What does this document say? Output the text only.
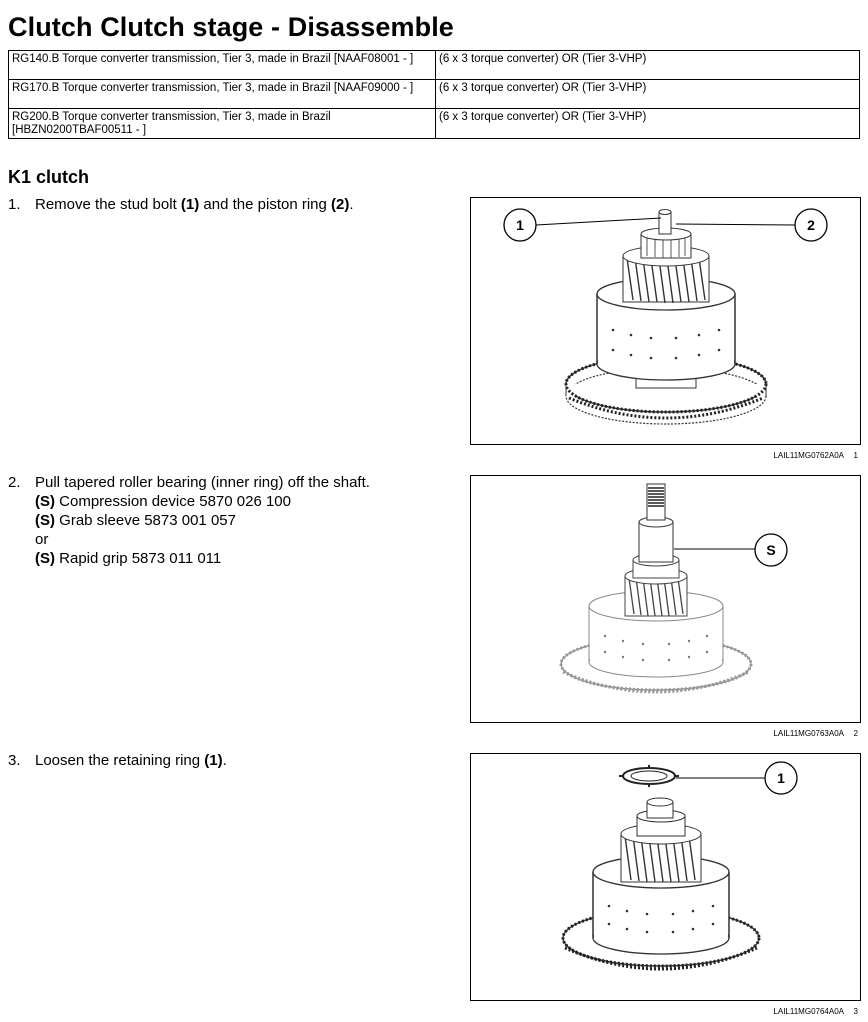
Clutch Clutch stage - Disassemble
RG140.B Torque converter transmission, Tier 3, made in Brazil [NAAF08001 - ]	(6 x 3 torque converter) OR (Tier 3-VHP)
RG170.B Torque converter transmission, Tier 3, made in Brazil [NAAF09000 - ]	(6 x 3 torque converter) OR (Tier 3-VHP)
RG200.B Torque converter transmission, Tier 3, made in Brazil [HBZN0200TBAF00511 - ]	(6 x 3 torque converter) OR (Tier 3-VHP)
K1 clutch
1. Remove the stud bolt (1) and the piston ring (2).
2. Pull tapered roller bearing (inner ring) off the shaft.
(S) Compression device 5870 026 100
(S) Grab sleeve 5873 001 057
or
(S) Rapid grip 5873 011 011
3. Loosen the retaining ring (1).
1	2
LAIL11MG0762A0A 1
S
LAIL11MG0763A0A 2
1
LAIL11MG0764A0A 3
